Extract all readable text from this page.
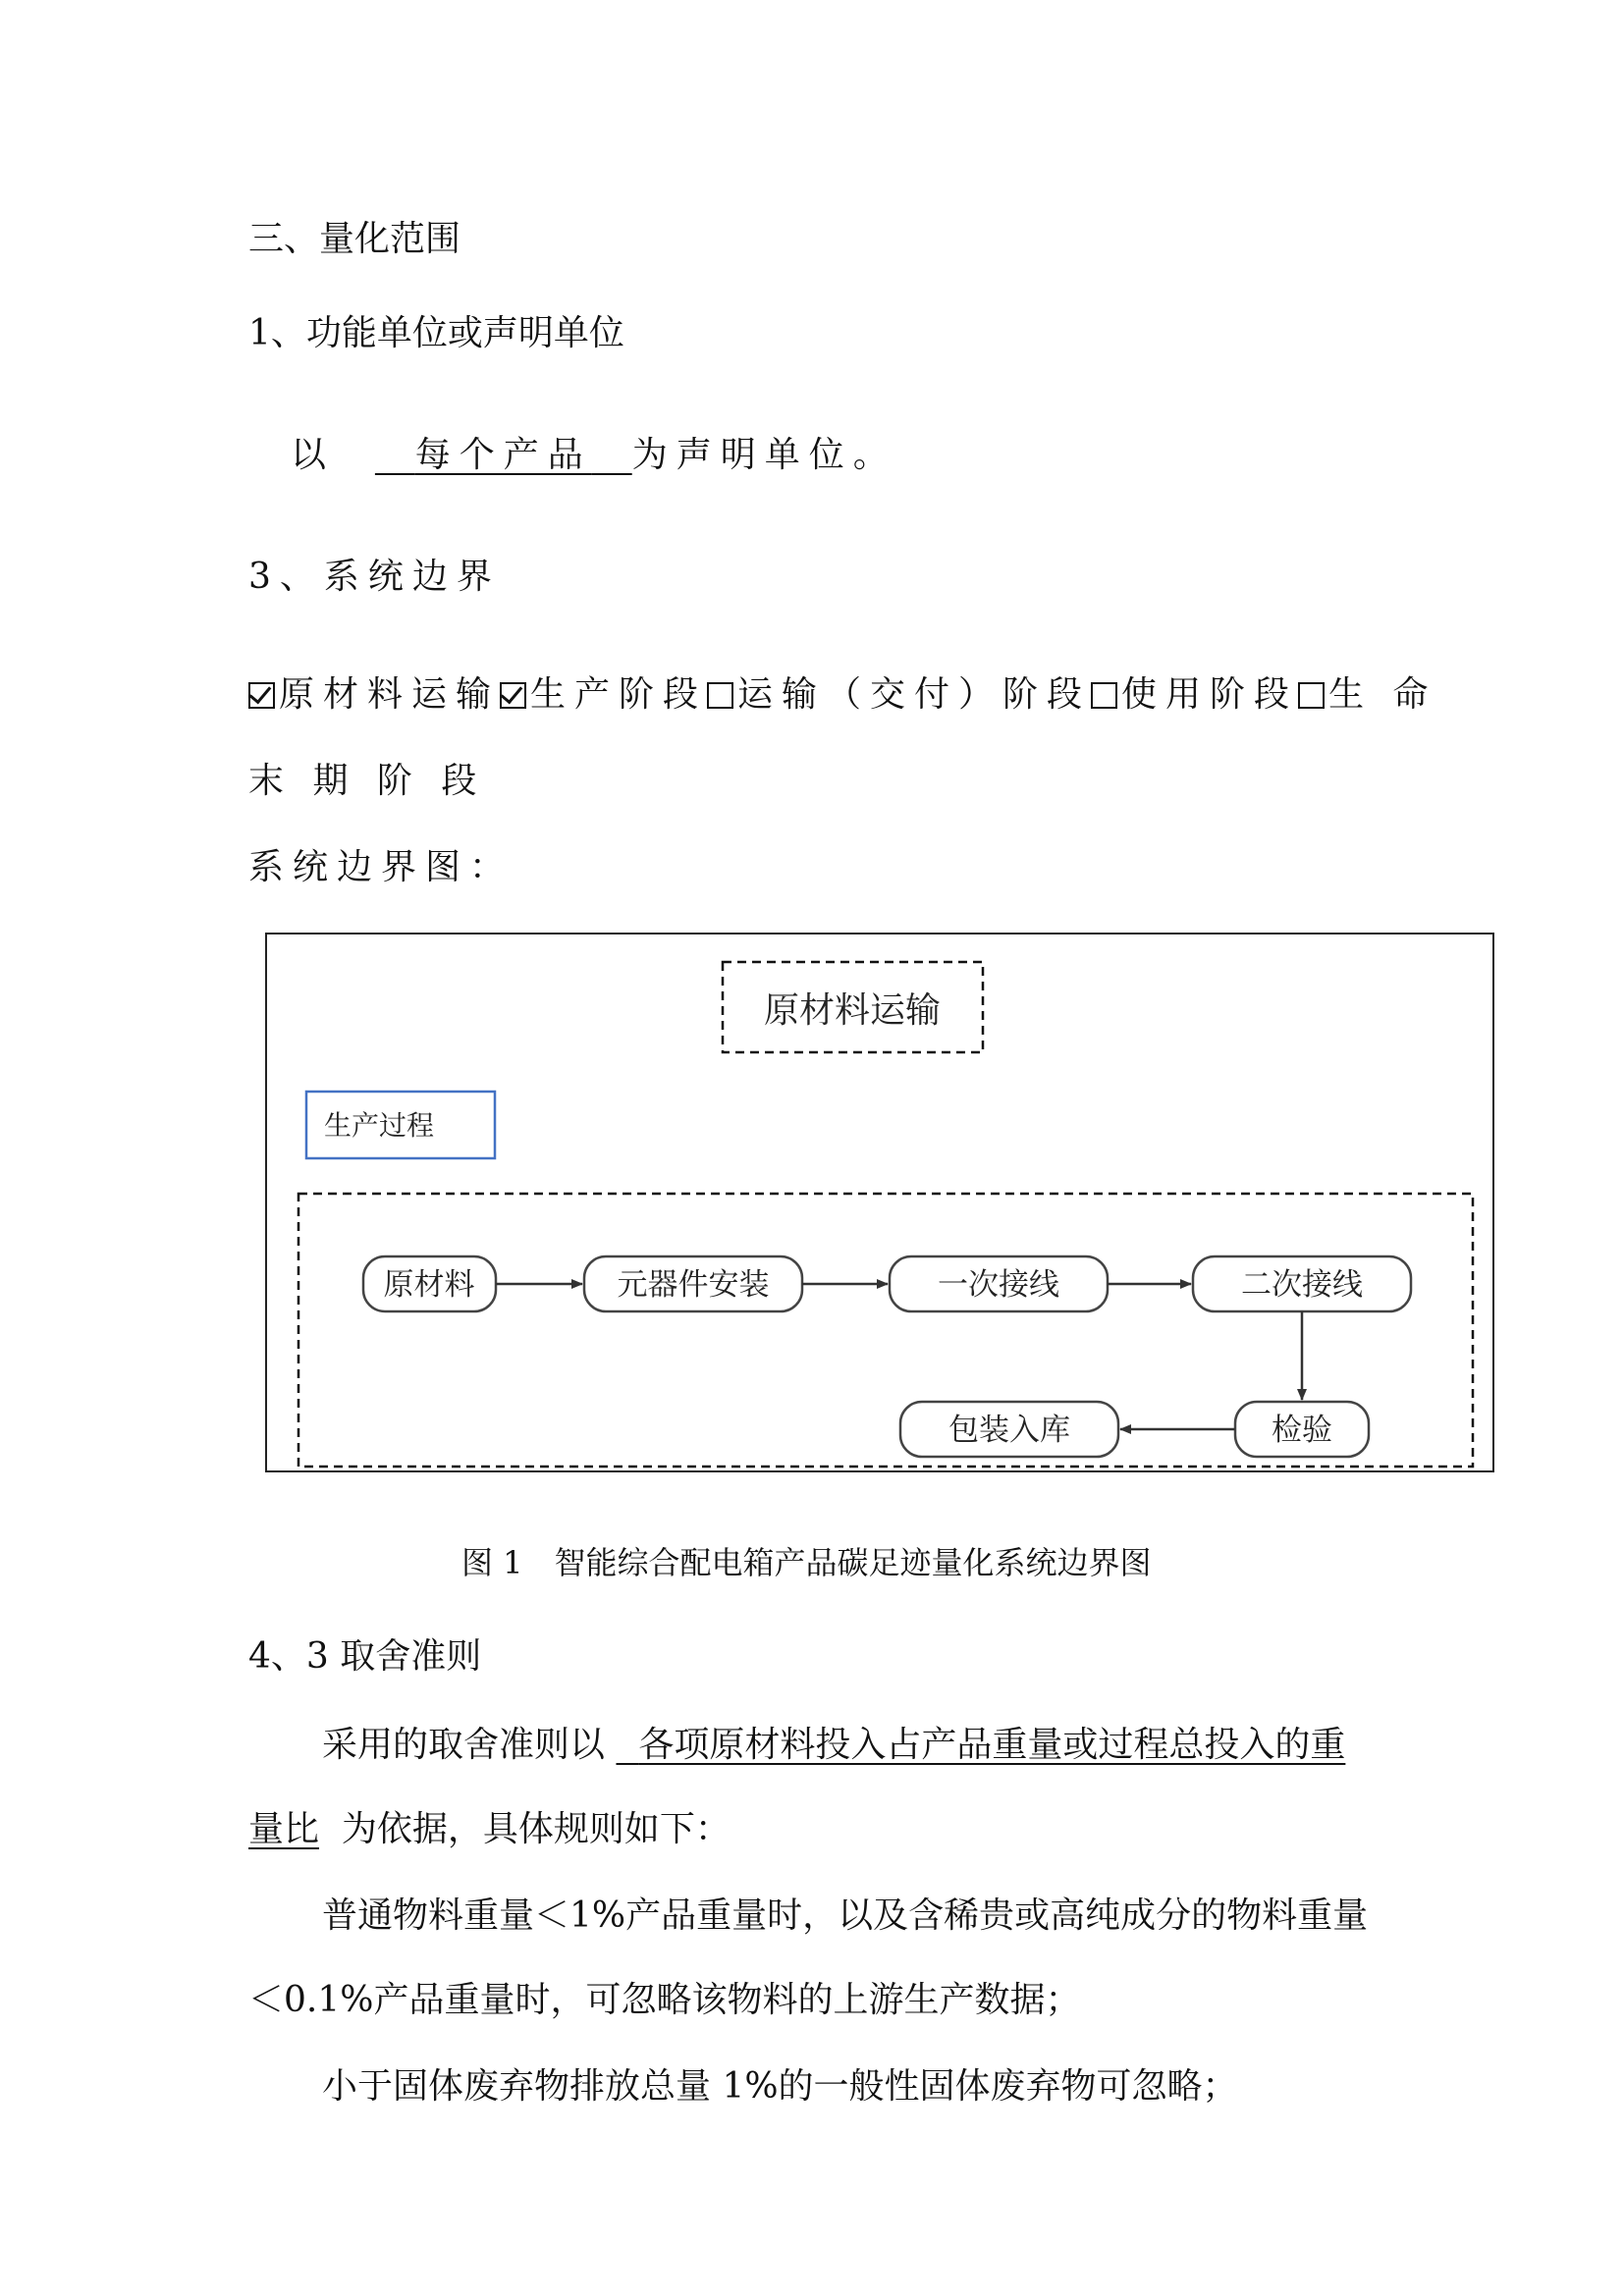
三、量化范围
1、功能单位或声明单位
以 每个产品 为声明单位。
3、系统边界
原材料运输 生产阶段 运输（交付）阶段 使用阶段 生 命
末 期 阶 段
系统边界图：
原材料运输
生产过程
原材料	元器件安装	一次接线	二次接线
检验
包装入库
图 1　智能综合配电箱产品碳足迹量化系统边界图
4、3 取舍准则
采用的取舍准则以 各项原材料投入占产品重量或过程总投入的重
量比 为依据，具体规则如下：
普通物料重量＜1%产品重量时，以及含稀贵或高纯成分的物料重量
＜0.1%产品重量时，可忽略该物料的上游生产数据；
小于固体废弃物排放总量 1%的一般性固体废弃物可忽略；
